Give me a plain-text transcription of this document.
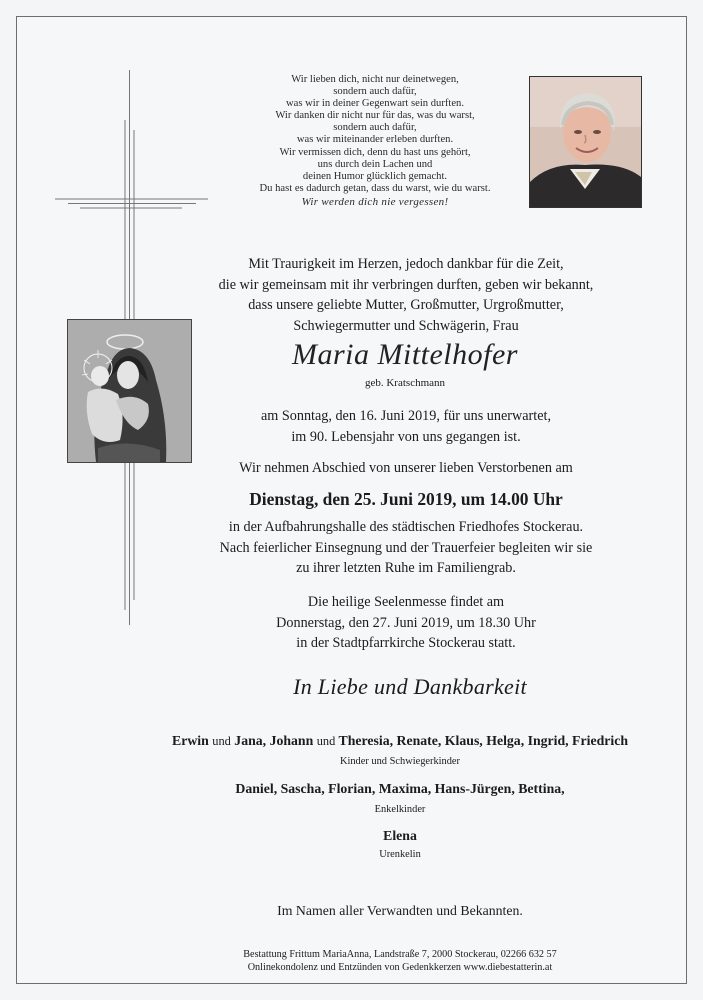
Wir lieben dich, nicht nur deinetwegen,
sondern auch dafür,
was wir in deiner Gegenwart sein durften.
Wir danken dir nicht nur für das, was du warst,
sondern auch dafür,
was wir miteinander erleben durften.
Wir vermissen dich, denn du hast uns gehört,
uns durch dein Lachen und
deinen Humor glücklich gemacht.
Du hast es dadurch getan, dass du warst, wie du warst.
Wir werden dich nie vergessen!
Mit Traurigkeit im Herzen, jedoch dankbar für die Zeit,
die wir gemeinsam mit ihr verbringen durften, geben wir bekannt,
dass unsere geliebte Mutter, Großmutter, Urgroßmutter,
Schwiegermutter und Schwägerin, Frau
Maria Mittelhofer
geb. Kratschmann
am Sonntag, den 16. Juni 2019, für uns unerwartet,
im 90. Lebensjahr von uns gegangen ist.
Wir nehmen Abschied von unserer lieben Verstorbenen am
Dienstag, den 25. Juni 2019, um 14.00 Uhr
in der Aufbahrungshalle des städtischen Friedhofes Stockerau.
Nach feierlicher Einsegnung und der Trauerfeier begleiten wir sie
zu ihrer letzten Ruhe im Familiengrab.
Die heilige Seelenmesse findet am
Donnerstag, den 27. Juni 2019, um 18.30 Uhr
in der Stadtpfarrkirche Stockerau statt.
In Liebe und Dankbarkeit
Erwin und Jana, Johann und Theresia, Renate, Klaus, Helga, Ingrid, Friedrich
Kinder und Schwiegerkinder
Daniel, Sascha, Florian, Maxima, Hans-Jürgen, Bettina,
Enkelkinder
Elena
Urenkelin
Im Namen aller Verwandten und Bekannten.
Bestattung Frittum MariaAnna, Landstraße 7, 2000 Stockerau, 02266 632 57
Onlinekondolenz und Entzünden von Gedenkkerzen www.diebestatterin.at
